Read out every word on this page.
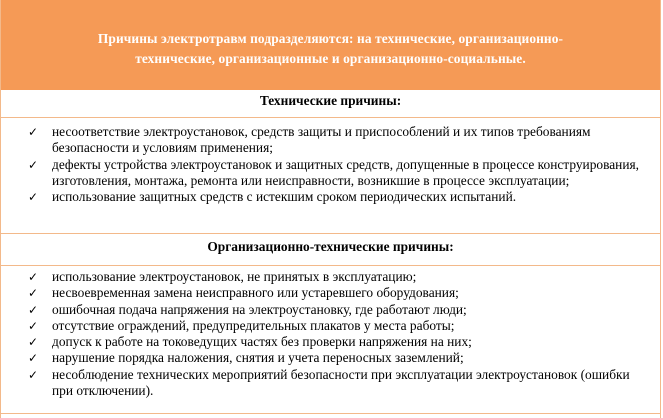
Причины электротравм подразделяются: на технические, организационно-
технические, организационные и организационно-социальные.
Технические причины:
✓ несоответствие электроустановок, средств защиты и приспособлений и их типов требованиям безопасности и условиям применения;
✓ дефекты устройства электроустановок и защитных средств, допущенные в процессе конструирования, изготовления, монтажа, ремонта или неисправности, возникшие в процессе эксплуатации;
✓ использование защитных средств с истекшим сроком периодических испытаний.
Организационно-технические причины:
✓ использование электроустановок, не принятых в эксплуатацию;
✓ несвоевременная замена неисправного или устаревшего оборудования;
✓ ошибочная подача напряжения на электроустановку, где работают люди;
✓ отсутствие ограждений, предупредительных плакатов у места работы;
✓ допуск к работе на токоведущих частях без проверки напряжения на них;
✓ нарушение порядка наложения, снятия и учета переносных заземлений;
✓ несоблюдение технических мероприятий безопасности при эксплуатации электроустановок (ошибки при отключении).
